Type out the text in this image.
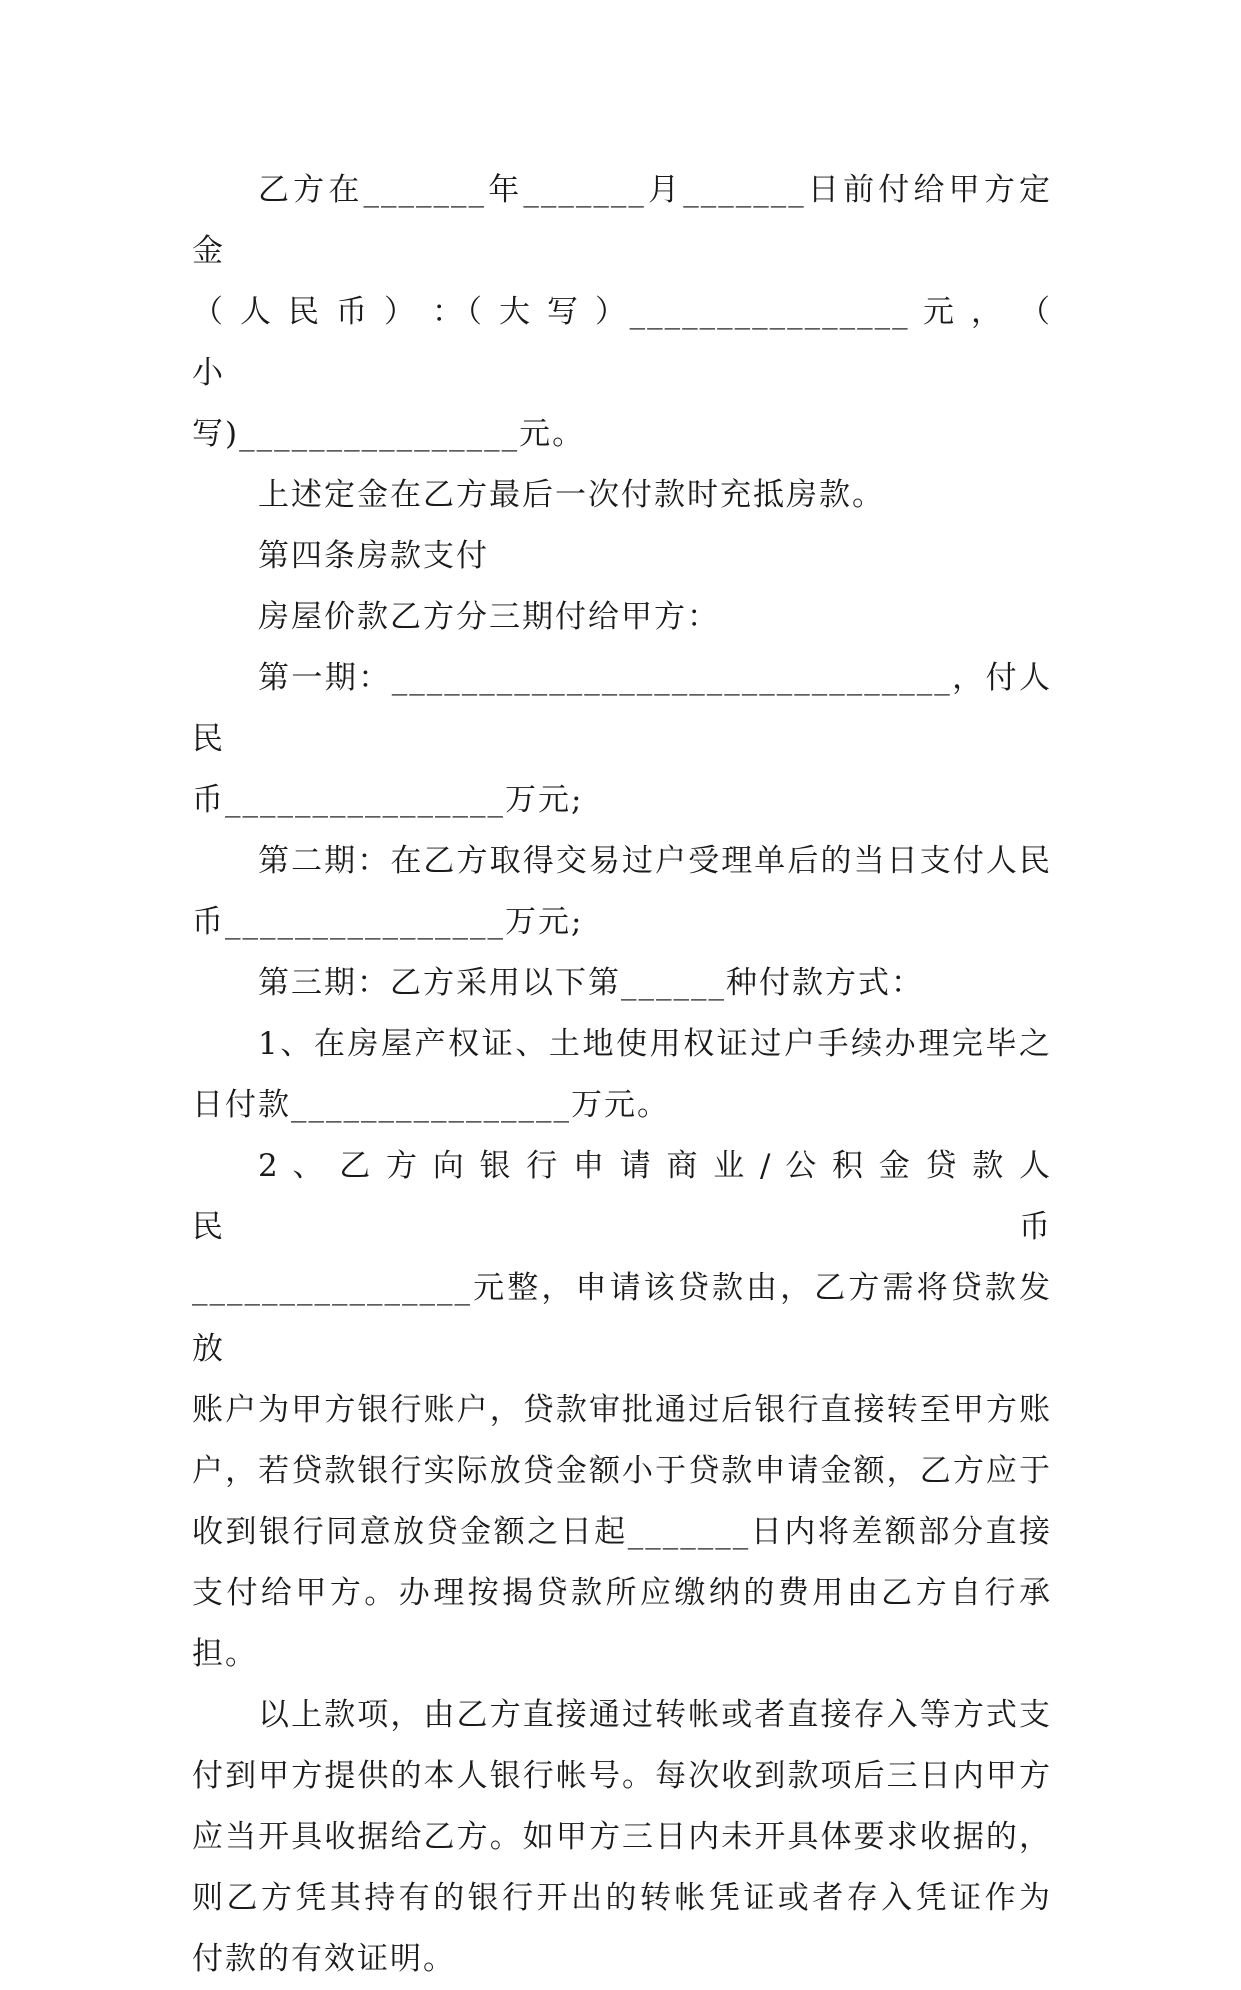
乙方在_______年_______月_______日前付给甲方定金
（ 人 民 币 ） ：（ 大 写 ）________________ 元 ， （ 小
写)________________元。
上述定金在乙方最后一次付款时充抵房款。
第四条房款支付
房屋价款乙方分三期付给甲方：
第一期：________________________________，付人民
币________________万元;
第二期：在乙方取得交易过户受理单后的当日支付人民
币________________万元;
第三期：乙方采用以下第______种付款方式：
1、在房屋产权证、土地使用权证过户手续办理完毕之
日付款________________万元。
2 、 乙 方 向 银 行 申 请 商 业 / 公 积 金 贷 款 人 民 币
________________元整，申请该贷款由，乙方需将贷款发放
账户为甲方银行账户，贷款审批通过后银行直接转至甲方账
户，若贷款银行实际放贷金额小于贷款申请金额，乙方应于
收到银行同意放贷金额之日起_______日内将差额部分直接
支付给甲方。办理按揭贷款所应缴纳的费用由乙方自行承担。
以上款项，由乙方直接通过转帐或者直接存入等方式支
付到甲方提供的本人银行帐号。每次收到款项后三日内甲方
应当开具收据给乙方。如甲方三日内未开具体要求收据的，
则乙方凭其持有的银行开出的转帐凭证或者存入凭证作为
付款的有效证明。
